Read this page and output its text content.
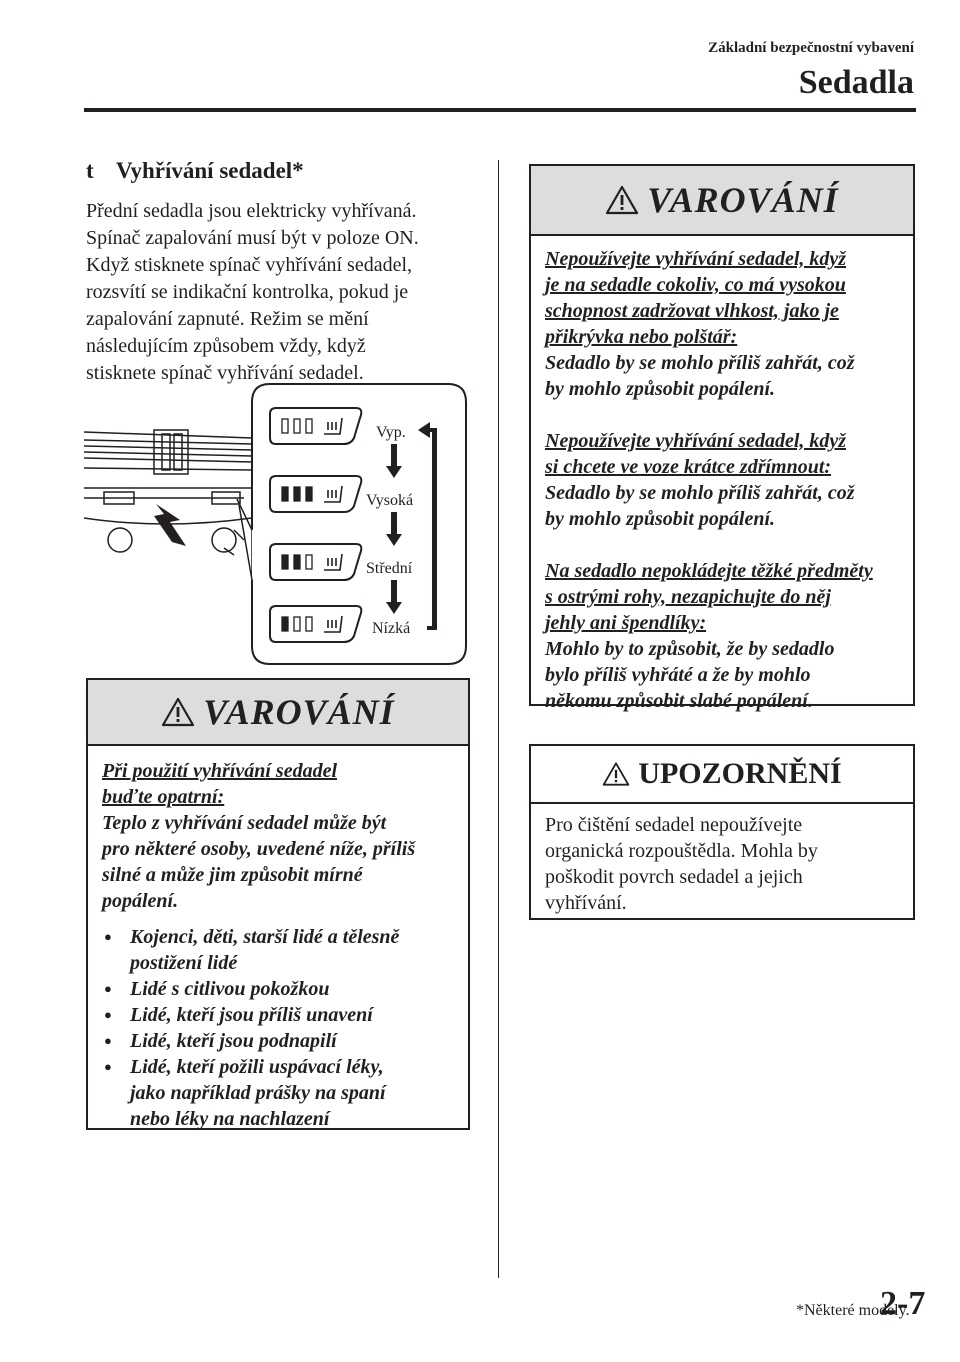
Základní bezpečnostní vybavení
Sedadla
t Vyhřívání sedadel*

Přední sedadla jsou elektricky vyhřívaná.

Spínač zapalování musí být v poloze ON.

Když stisknete spínač vyhřívání sedadel,

rozsvítí se indikační kontrolka, pokud je

zapalování zapnuté. Režim se mění

následujícím způsobem vždy, když

stisknete spínač vyhřívání sedadel.

Vyp.
Vysoká
Střední
Nízká
VAROVÁNÍ

Při použití vyhřívání sedadel

buďte opatrní:

Teplo z vyhřívání sedadel může být

pro některé osoby, uvedené níže, příliš

silné a může jim způsobit mírné

popálení.

● Kojenci, děti, starší lidé a tělesně
postižení lidé
● Lidé s citlivou pokožkou
● Lidé, kteří jsou příliš unavení
● Lidé, kteří jsou podnapilí
● Lidé, kteří požili uspávací léky,
jako například prášky na spaní
nebo léky na nachlazení
VAROVÁNÍ

Nepoužívejte vyhřívání sedadel, když

je na sedadle cokoliv, co má vysokou

schopnost zadržovat vlhkost, jako je

přikrývka nebo polštář:

Sedadlo by se mohlo příliš zahřát, což

by mohlo způsobit popálení.

Nepoužívejte vyhřívání sedadel, když

si chcete ve voze krátce zdřímnout:

Sedadlo by se mohlo příliš zahřát, což

by mohlo způsobit popálení.

Na sedadlo nepokládejte těžké předměty

s ostrými rohy, nezapichujte do něj

jehly ani špendlíky:

Mohlo by to způsobit, že by sedadlo

bylo příliš vyhřáté a že by mohlo

někomu způsobit slabé popálení.

UPOZORNĚNÍ

Pro čištění sedadel nepoužívejte

organická rozpouštědla. Mohla by

poškodit povrch sedadel a jejich

vyhřívání.

*Některé modely.
2-7
